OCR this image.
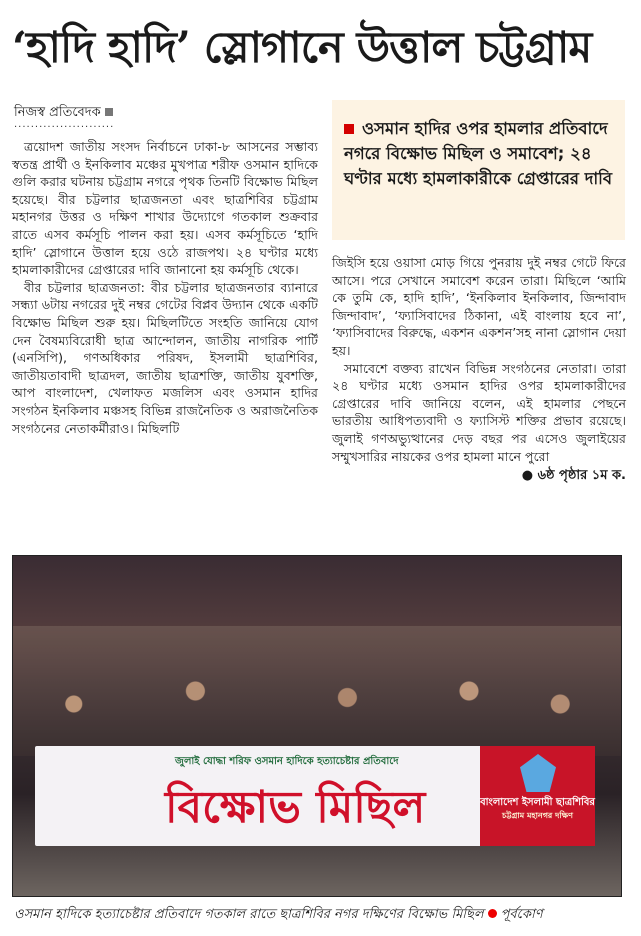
‘হাদি হাদি’ স্লোগানে উত্তাল চট্টগ্রাম
নিজস্ব প্রতিবেদক
························

ত্রয়োদশ জাতীয় সংসদ নির্বাচনে ঢাকা-৮ আসনের সম্ভাব্য স্বতন্ত্র প্রার্থী ও ইনকিলাব মঞ্চের মুখপাত্র শরীফ ওসমান হাদিকে গুলি করার ঘটনায় চট্টগ্রাম নগরে পৃথক তিনটি বিক্ষোভ মিছিল হয়েছে। বীর চট্টলার ছাত্রজনতা এবং ছাত্রশিবির চট্টগ্রাম মহানগর উত্তর ও দক্ষিণ শাখার উদ্যোগে গতকাল শুক্রবার রাতে এসব কর্মসূচি পালন করা হয়। এসব কর্মসূচিতে ‘হাদি হাদি’ স্লোগানে উত্তাল হয়ে ওঠে রাজপথ। ২৪ ঘণ্টার মধ্যে হামলাকারীদের গ্রেপ্তারের দাবি জানানো হয় কর্মসূচি থেকে।

বীর চট্টলার ছাত্রজনতা: বীর চট্টলার ছাত্রজনতার ব্যানারে সন্ধ্যা ৬টায় নগরের দুই নম্বর গেটের বিপ্লব উদ্যান থেকে একটি বিক্ষোভ মিছিল শুরু হয়। মিছিলটিতে সংহতি জানিয়ে যোগ দেন বৈষম্যবিরোধী ছাত্র আন্দোলন, জাতীয় নাগরিক পার্টি (এনসিপি), গণঅধিকার পরিষদ, ইসলামী ছাত্রশিবির, জাতীয়তাবাদী ছাত্রদল, জাতীয় ছাত্রশক্তি, জাতীয় যুবশক্তি, আপ বাংলাদেশ, খেলাফত মজলিস এবং ওসমান হাদির সংগঠন ইনকিলাব মঞ্চসহ বিভিন্ন রাজনৈতিক ও অরাজনৈতিক সংগঠনের নেতাকর্মীরাও। মিছিলটি

ওসমান হাদির ওপর হামলার প্রতিবাদে নগরে বিক্ষোভ মিছিল ও সমাবেশ; ২৪ ঘণ্টার মধ্যে হামলাকারীকে গ্রেপ্তারের দাবি

জিইসি হয়ে ওয়াসা মোড় গিয়ে পুনরায় দুই নম্বর গেটে ফিরে আসে। পরে সেখানে সমাবেশ করেন তারা। মিছিলে ‘আমি কে তুমি কে, হাদি হাদি’, ‘ইনকিলাব ইনকিলাব, জিন্দাবাদ জিন্দাবাদ’, ‘ফ্যাসিবাদের ঠিকানা, এই বাংলায় হবে না’, ‘ফ্যাসিবাদের বিরুদ্ধে, একশন একশন’সহ নানা স্লোগান দেয়া হয়।

সমাবেশে বক্তব্য রাখেন বিভিন্ন সংগঠনের নেতারা। তারা ২৪ ঘণ্টার মধ্যে ওসমান হাদির ওপর হামলাকারীদের গ্রেপ্তারের দাবি জানিয়ে বলেন, এই হামলার পেছনে ভারতীয় আধিপত্যবাদী ও ফ্যাসিস্ট শক্তির প্রভাব রয়েছে। জুলাই গণঅভ্যুত্থানের দেড় বছর পর এসেও জুলাইয়ের সম্মুখসারির নায়কের ওপর হামলা মানে পুরো

● ৬ষ্ঠ পৃষ্ঠার ১ম ক.
জুলাই যোদ্ধা শরিফ ওসমান হাদিকে হত্যাচেষ্টার প্রতিবাদে
বিক্ষোভ মিছিল	বাংলাদেশ ইসলামী ছাত্রশিবির
চট্টগ্রাম মহানগর দক্ষিণ
ওসমান হাদিকে হত্যাচেষ্টার প্রতিবাদে গতকাল রাতে ছাত্রশিবির নগর দক্ষিণের বিক্ষোভ মিছিল পূর্বকোণ
